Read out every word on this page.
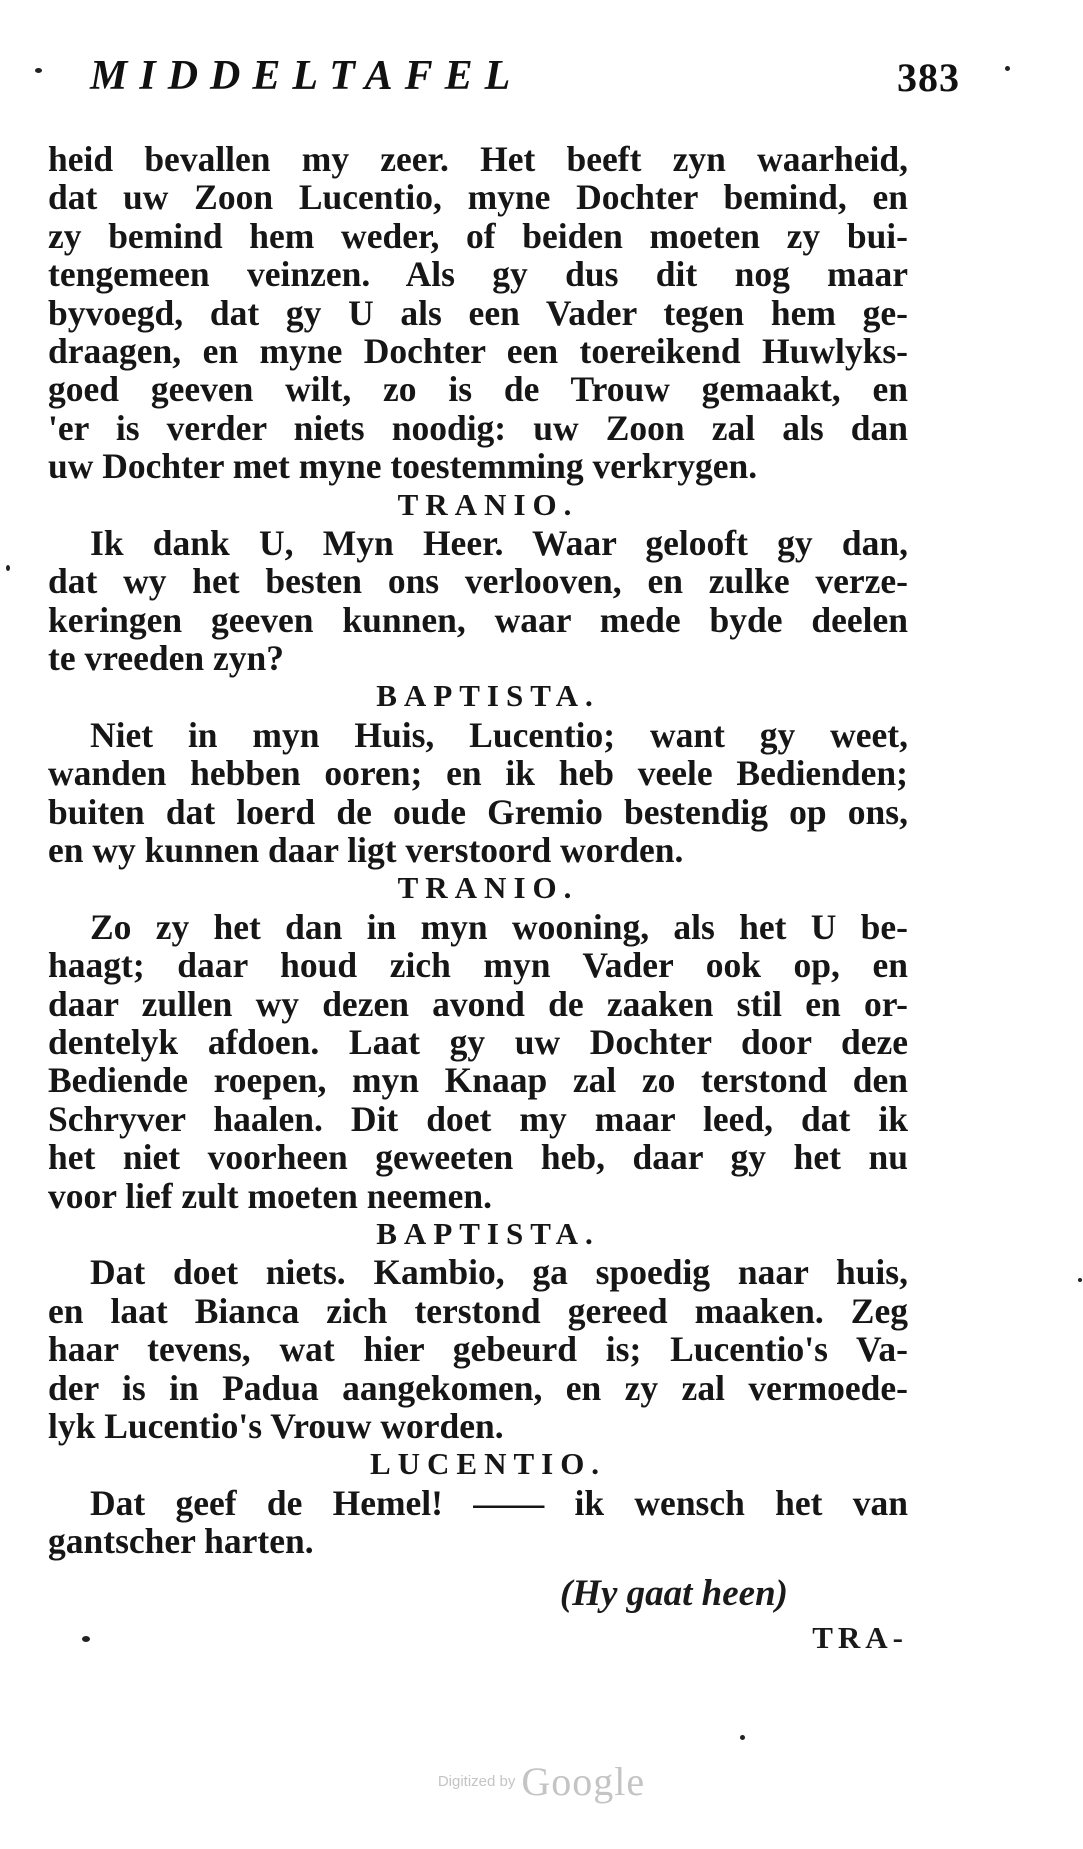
MIDDELTAFEL	383
heid bevallen my zeer. Het beeft zyn waarheid,
dat uw Zoon Lucentio, myne Dochter bemind, en
zy bemind hem weder, of beiden moeten zy bui-
tengemeen veinzen. Als gy dus dit nog maar
byvoegd, dat gy U als een Vader tegen hem ge-
draagen, en myne Dochter een toereikend Huwlyks-
goed geeven wilt, zo is de Trouw gemaakt, en
'er is verder niets noodig: uw Zoon zal als dan
uw Dochter met myne toestemming verkrygen.
TRANIO.
Ik dank U, Myn Heer. Waar gelooft gy dan,
dat wy het besten ons verlooven, en zulke verze-
keringen geeven kunnen, waar mede byde deelen
te vreeden zyn?
BAPTISTA.
Niet in myn Huis, Lucentio; want gy weet,
wanden hebben ooren; en ik heb veele Bedienden;
buiten dat loerd de oude Gremio bestendig op ons,
en wy kunnen daar ligt verstoord worden.
TRANIO.
Zo zy het dan in myn wooning, als het U be-
haagt; daar houd zich myn Vader ook op, en
daar zullen wy dezen avond de zaaken stil en or-
dentelyk afdoen. Laat gy uw Dochter door deze
Bediende roepen, myn Knaap zal zo terstond den
Schryver haalen. Dit doet my maar leed, dat ik
het niet voorheen geweeten heb, daar gy het nu
voor lief zult moeten neemen.
BAPTISTA.
Dat doet niets. Kambio, ga spoedig naar huis,
en laat Bianca zich terstond gereed maaken. Zeg
haar tevens, wat hier gebeurd is; Lucentio's Va-
der is in Padua aangekomen, en zy zal vermoede-
lyk Lucentio's Vrouw worden.
LUCENTIO.
Dat geef de Hemel! —— ik wensch het van
gantscher harten.
(Hy gaat heen)
TRA-
Digitized by Google
